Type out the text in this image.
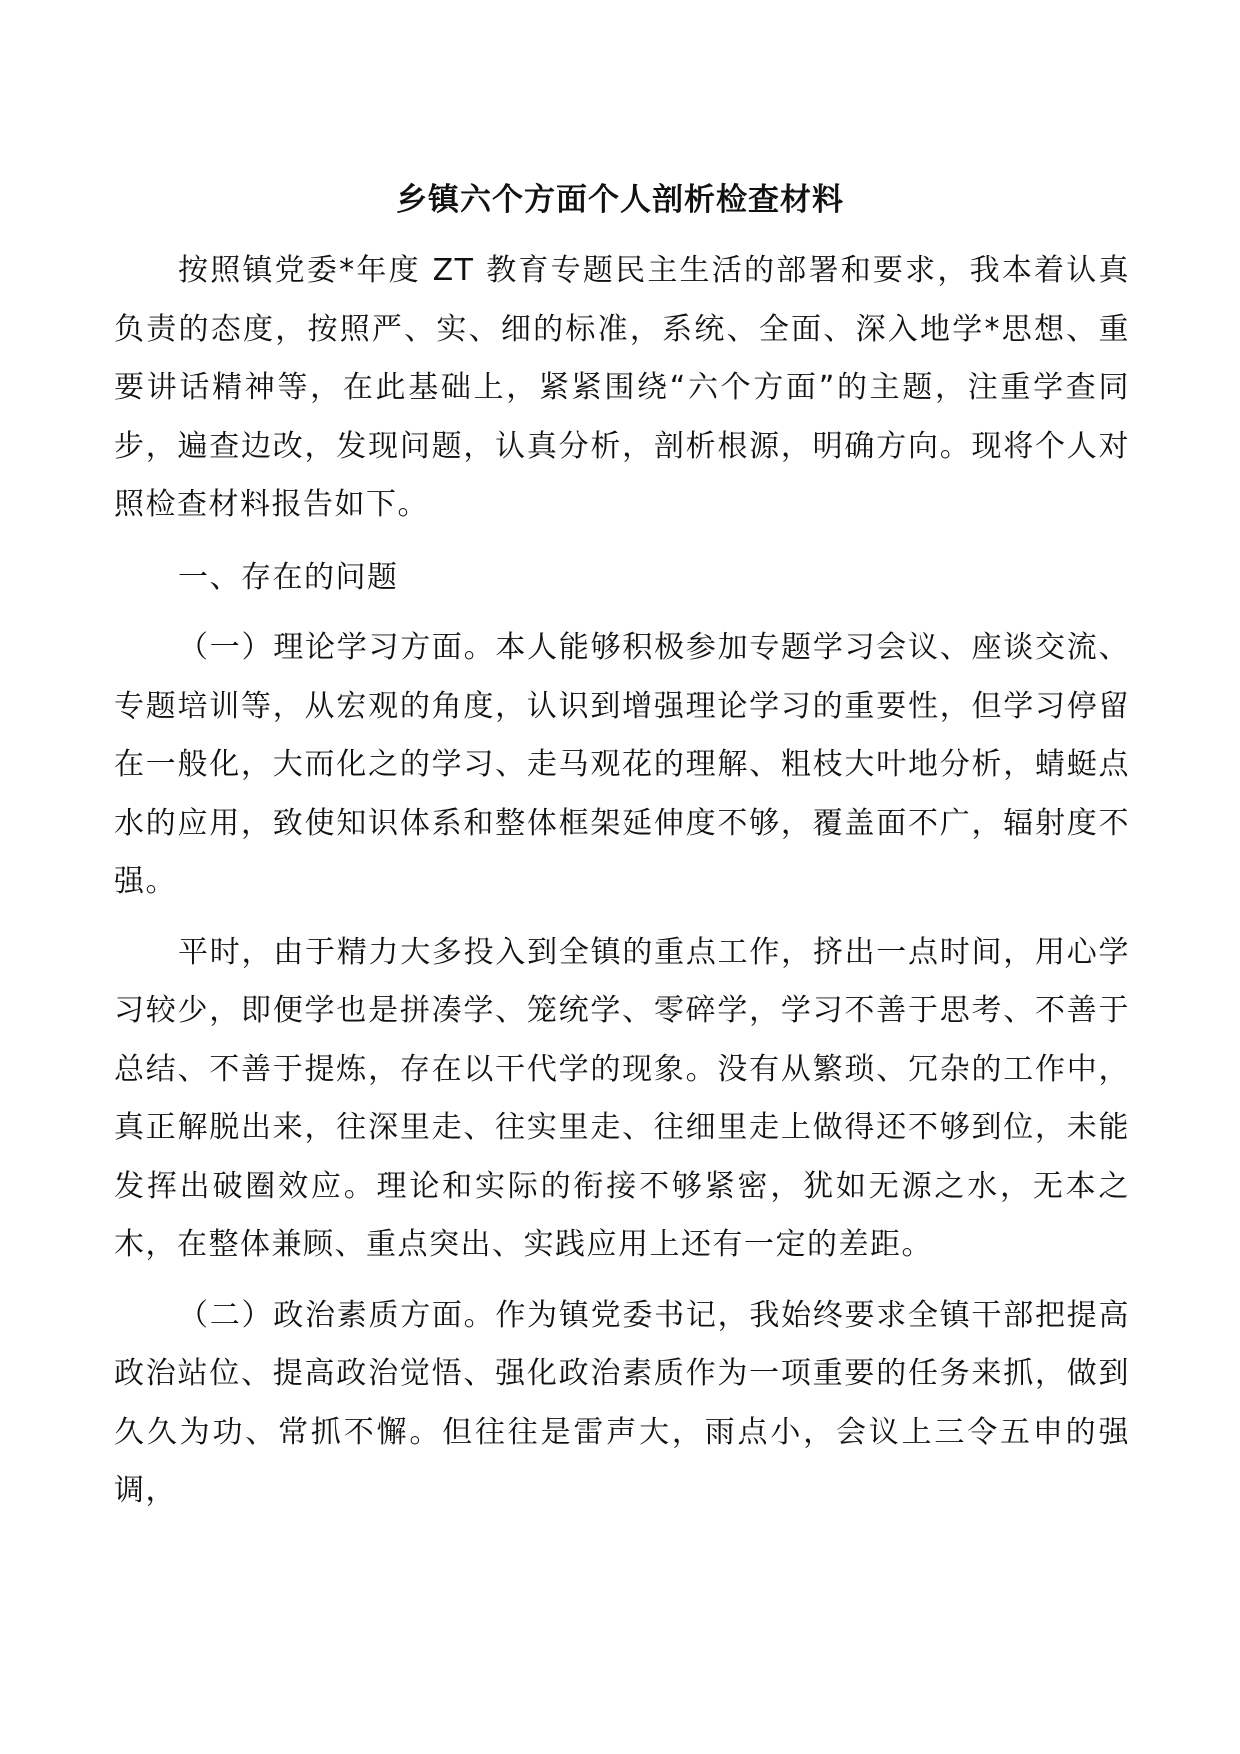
乡镇六个方面个人剖析检查材料

按照镇党委*年度 ZT 教育专题民主生活的部署和要求，我本着认真负责的态度，按照严、实、细的标准，系统、全面、深入地学*思想、重要讲话精神等，在此基础上，紧紧围绕“六个方面”的主题，注重学查同步，遍查边改，发现问题，认真分析，剖析根源，明确方向。现将个人对照检查材料报告如下。

一、存在的问题

（一）理论学习方面。本人能够积极参加专题学习会议、座谈交流、专题培训等，从宏观的角度，认识到增强理论学习的重要性，但学习停留在一般化，大而化之的学习、走马观花的理解、粗枝大叶地分析，蜻蜓点水的应用，致使知识体系和整体框架延伸度不够，覆盖面不广，辐射度不强。

平时，由于精力大多投入到全镇的重点工作，挤出一点时间，用心学习较少，即便学也是拼凑学、笼统学、零碎学，学习不善于思考、不善于总结、不善于提炼，存在以干代学的现象。没有从繁琐、冗杂的工作中，真正解脱出来，往深里走、往实里走、往细里走上做得还不够到位，未能发挥出破圈效应。理论和实际的衔接不够紧密，犹如无源之水，无本之木，在整体兼顾、重点突出、实践应用上还有一定的差距。

（二）政治素质方面。作为镇党委书记，我始终要求全镇干部把提高政治站位、提高政治觉悟、强化政治素质作为一项重要的任务来抓，做到久久为功、常抓不懈。但往往是雷声大，雨点小，会议上三令五申的强调，
